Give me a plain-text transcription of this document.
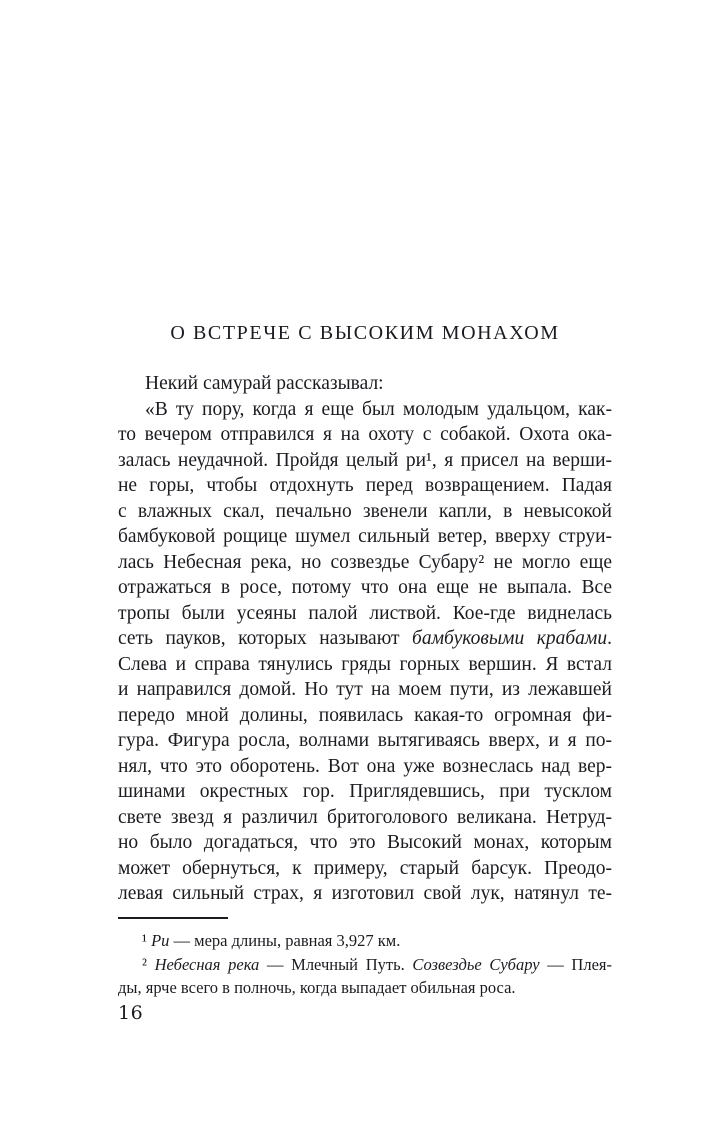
О ВСТРЕЧЕ С ВЫСОКИМ МОНАХОМ
Некий самурай рассказывал:
«В ту пору, когда я еще был молодым удальцом, как-
то вечером отправился я на охоту с собакой. Охота ока-
залась неудачной. Пройдя целый ри¹, я присел на верши-
не горы, чтобы отдохнуть перед возвращением. Падая
с влажных скал, печально звенели капли, в невысокой
бамбуковой рощице шумел сильный ветер, вверху струи-
лась Небесная река, но созвездье Субару² не могло еще
отражаться в росе, потому что она еще не выпала. Все
тропы были усеяны палой листвой. Кое-где виднелась
сеть пауков, которых называют бамбуковыми крабами.
Слева и справа тянулись гряды горных вершин. Я встал
и направился домой. Но тут на моем пути, из лежавшей
передо мной долины, появилась какая-то огромная фи-
гура. Фигура росла, волнами вытягиваясь вверх, и я по-
нял, что это оборотень. Вот она уже вознеслась над вер-
шинами окрестных гор. Приглядевшись, при тусклом
свете звезд я различил бритоголового великана. Нетруд-
но было догадаться, что это Высокий монах, которым
может обернуться, к примеру, старый барсук. Преодо-
левая сильный страх, я изготовил свой лук, натянул те-
¹ Ри — мера длины, равная 3,927 км.
² Небесная река — Млечный Путь. Созвездье Субару — Плея-
ды, ярче всего в полночь, когда выпадает обильная роса.
16
